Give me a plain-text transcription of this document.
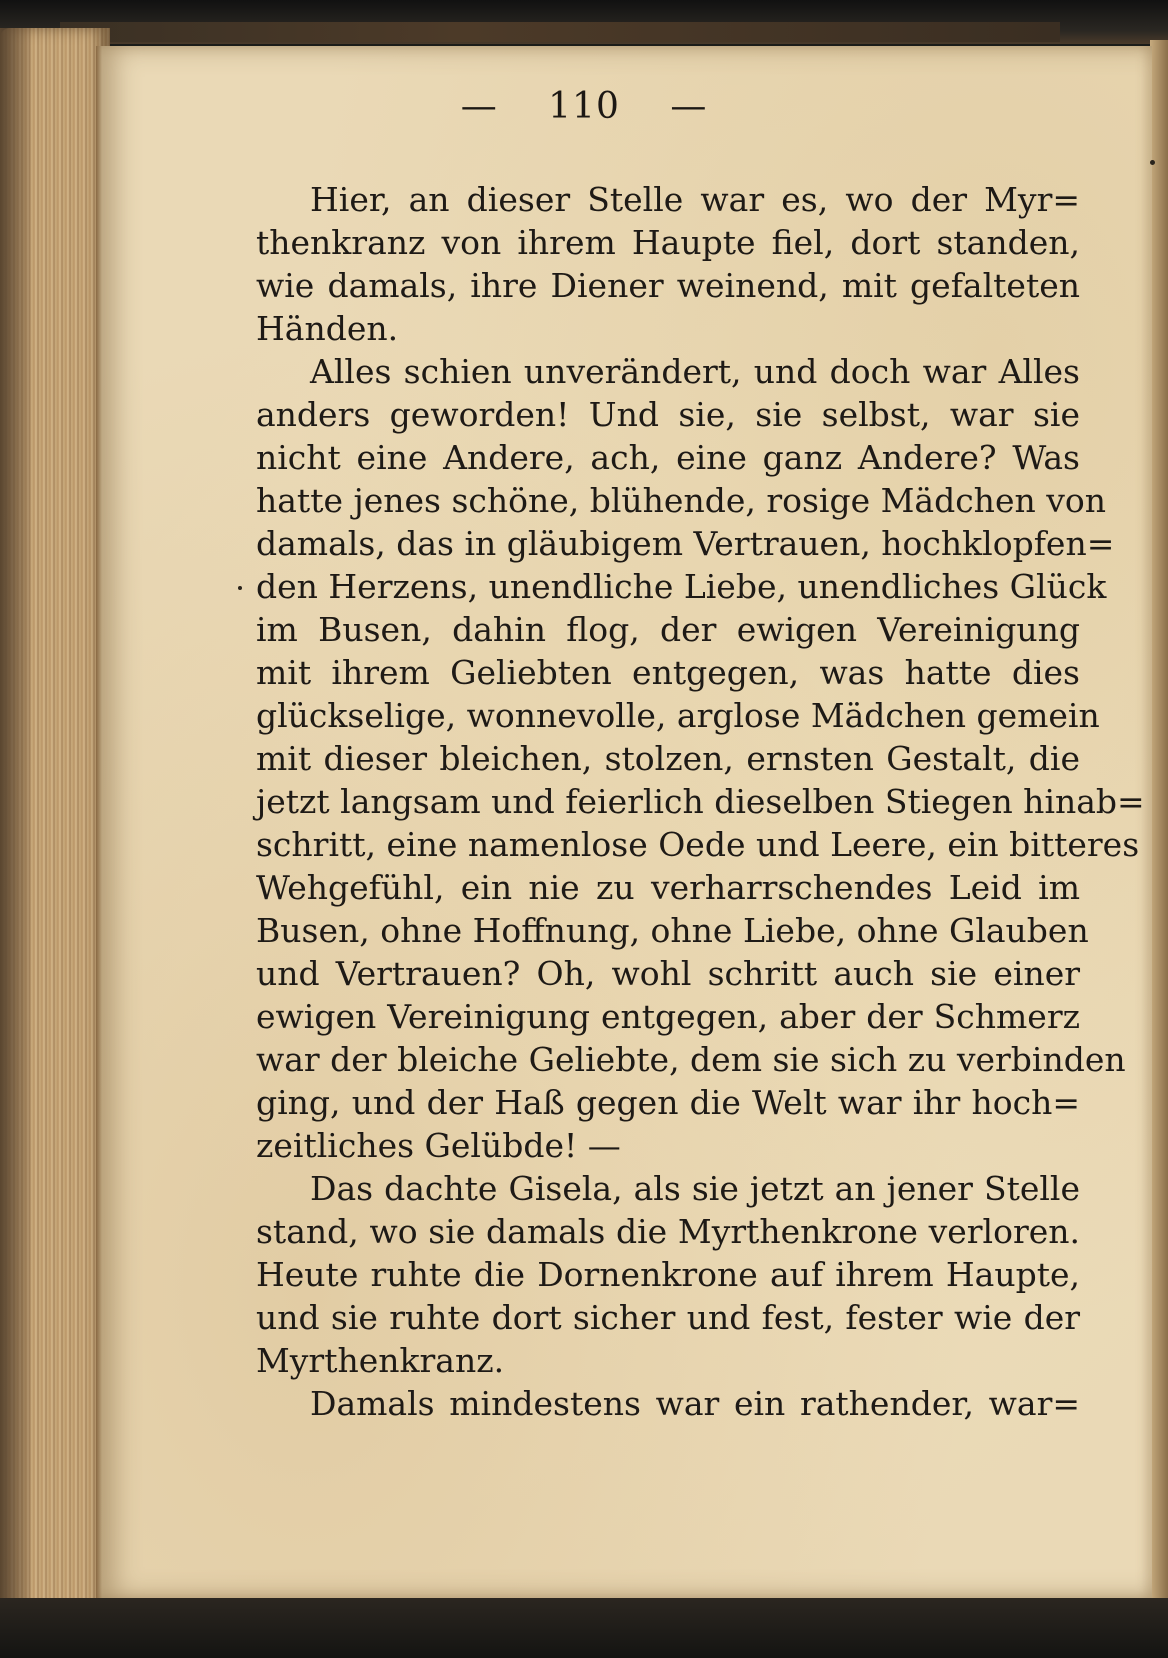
— 110 —
Hier, an dieser Stelle war es, wo der Myr=
thenkranz von ihrem Haupte fiel, dort standen,
wie damals, ihre Diener weinend, mit gefalteten
Händen.
Alles schien unverändert, und doch war Alles
anders geworden! Und sie, sie selbst, war sie
nicht eine Andere, ach, eine ganz Andere? Was
hatte jenes schöne, blühende, rosige Mädchen von
damals, das in gläubigem Vertrauen, hochklopfen=
den Herzens, unendliche Liebe, unendliches Glück
im Busen, dahin flog, der ewigen Vereinigung
mit ihrem Geliebten entgegen, was hatte dies
glückselige, wonnevolle, arglose Mädchen gemein
mit dieser bleichen, stolzen, ernsten Gestalt, die
jetzt langsam und feierlich dieselben Stiegen hinab=
schritt, eine namenlose Oede und Leere, ein bitteres
Wehgefühl, ein nie zu verharrschendes Leid im
Busen, ohne Hoffnung, ohne Liebe, ohne Glauben
und Vertrauen? Oh, wohl schritt auch sie einer
ewigen Vereinigung entgegen, aber der Schmerz
war der bleiche Geliebte, dem sie sich zu verbinden
ging, und der Haß gegen die Welt war ihr hoch=
zeitliches Gelübde! —
Das dachte Gisela, als sie jetzt an jener Stelle
stand, wo sie damals die Myrthenkrone verloren.
Heute ruhte die Dornenkrone auf ihrem Haupte,
und sie ruhte dort sicher und fest, fester wie der
Myrthenkranz.
Damals mindestens war ein rathender, war=
